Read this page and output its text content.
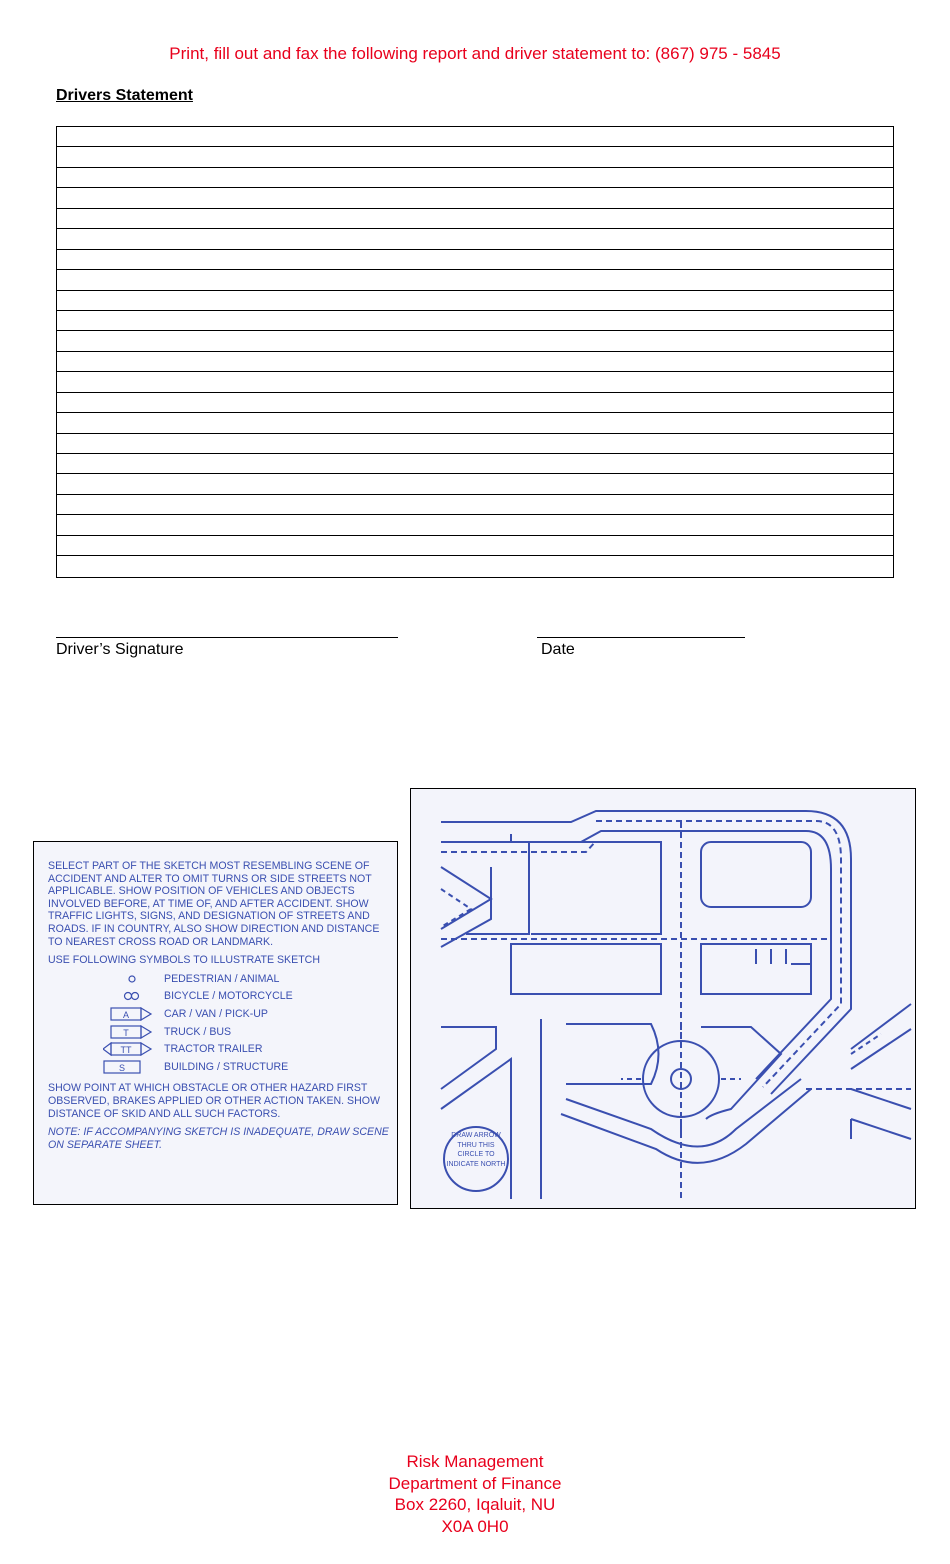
Print, fill out and fax the following report and driver statement to: (867) 975 - 5845
Drivers Statement
Driver’s Signature	Date

SELECT PART OF THE SKETCH MOST RESEMBLING SCENE OF ACCIDENT AND ALTER TO OMIT TURNS OR SIDE STREETS NOT APPLICABLE. SHOW POSITION OF VEHICLES AND OBJECTS INVOLVED BEFORE, AT TIME OF, AND AFTER ACCIDENT. SHOW TRAFFIC LIGHTS, SIGNS, AND DESIGNATION OF STREETS AND ROADS. IF IN COUNTRY, ALSO SHOW DIRECTION AND DISTANCE TO NEAREST CROSS ROAD OR LANDMARK.

USE FOLLOWING SYMBOLS TO ILLUSTRATE SKETCH

PEDESTRIAN / ANIMAL
BICYCLE / MOTORCYCLE
A	CAR / VAN / PICK-UP
T	TRUCK / BUS
TT	TRACTOR TRAILER
S	BUILDING / STRUCTURE

SHOW POINT AT WHICH OBSTACLE OR OTHER HAZARD FIRST OBSERVED, BRAKES APPLIED OR OTHER ACTION TAKEN. SHOW DISTANCE OF SKID AND ALL SUCH FACTORS.

NOTE: IF ACCOMPANYING SKETCH IS INADEQUATE, DRAW SCENE ON SEPARATE SHEET.

DRAW ARROW THRU THIS CIRCLE TO INDICATE NORTH
Risk Management
Department of Finance
Box 2260, Iqaluit, NU
X0A 0H0
